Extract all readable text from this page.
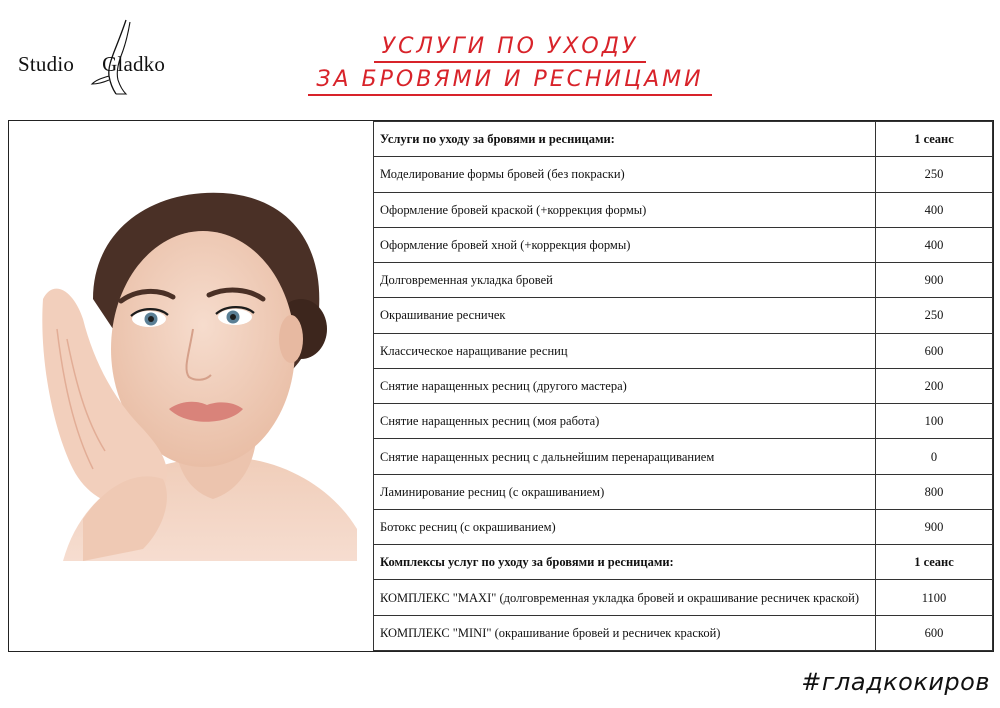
Studio Gladko
УСЛУГИ ПО УХОДУ
ЗА БРОВЯМИ И РЕСНИЦАМИ
Услуги по уходу за бровями и ресницами:	1 сеанс
Моделирование формы бровей (без покраски)	250
Оформление бровей краской (+коррекция формы)	400
Оформление бровей хной (+коррекция формы)	400
Долговременная укладка бровей	900
Окрашивание ресничек	250
Классическое наращивание ресниц	600
Снятие наращенных ресниц (другого мастера)	200
Снятие наращенных ресниц (моя работа)	100
Снятие наращенных ресниц с дальнейшим перенаращиванием	0
Ламинирование ресниц (с окрашиванием)	800
Ботокс ресниц (с окрашиванием)	900
Комплексы услуг по уходу за бровями и ресницами:	1 сеанс
КОМПЛЕКС "MAXI" (долговременная укладка бровей и окрашивание ресничек краской)	1100
КОМПЛЕКС "MINI" (окрашивание бровей и ресничек краской)	600
#гладкокиров
